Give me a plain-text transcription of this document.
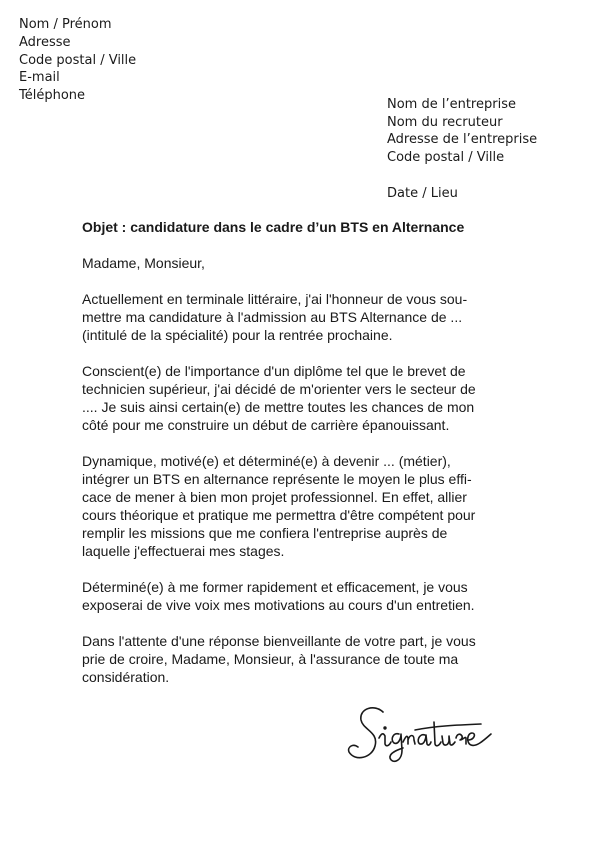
Nom / Prénom
Adresse
Code postal / Ville
E-mail
Téléphone
Nom de l’entreprise
Nom du recruteur
Adresse de l’entreprise
Code postal / Ville
Date / Lieu
Objet : candidature dans le cadre d’un BTS en Alternance
Madame, Monsieur,
Actuellement en terminale littéraire, j'ai l'honneur de vous sou-
mettre ma candidature à l'admission au BTS Alternance de ...
(intitulé de la spécialité) pour la rentrée prochaine.
Conscient(e) de l'importance d'un diplôme tel que le brevet de
technicien supérieur, j'ai décidé de m'orienter vers le secteur de
.... Je suis ainsi certain(e) de mettre toutes les chances de mon
côté pour me construire un début de carrière épanouissant.
Dynamique, motivé(e) et déterminé(e) à devenir ... (métier),
intégrer un BTS en alternance représente le moyen le plus effi-
cace de mener à bien mon projet professionnel. En effet, allier
cours théorique et pratique me permettra d'être compétent pour
remplir les missions que me confiera l'entreprise auprès de
laquelle j'effectuerai mes stages.
Déterminé(e) à me former rapidement et efficacement, je vous
exposerai de vive voix mes motivations au cours d'un entretien.
Dans l'attente d'une réponse bienveillante de votre part, je vous
prie de croire, Madame, Monsieur, à l'assurance de toute ma
considération.
